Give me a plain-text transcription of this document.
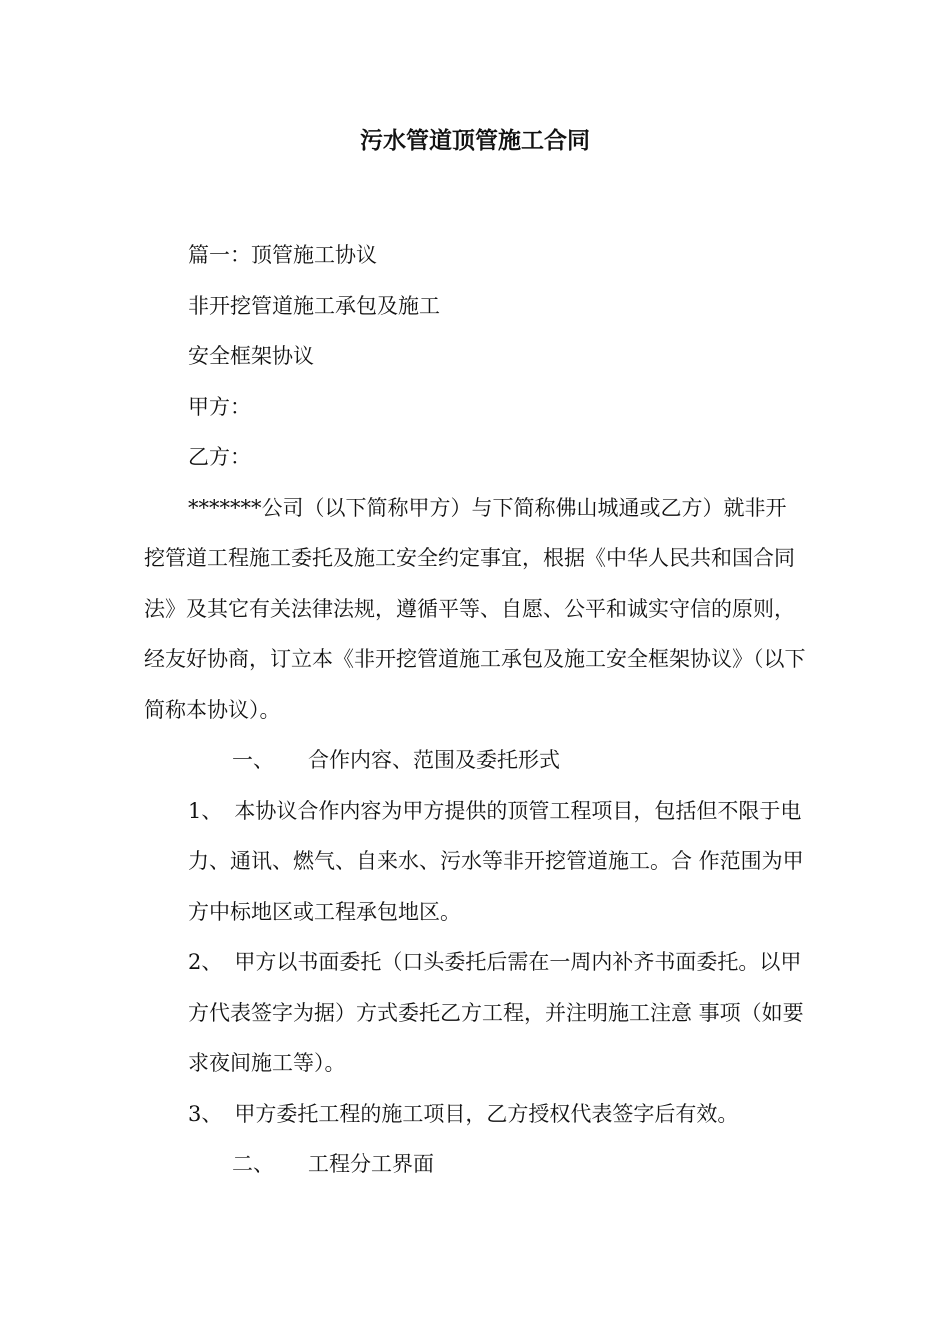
污水管道顶管施工合同

篇一：顶管施工协议

非开挖管道施工承包及施工

安全框架协议

甲方：

乙方：

*******公司（以下简称甲方）与下简称佛山城通或乙方）就非开挖管道工程施工委托及施工安全约定事宜，根据《中华人民共和国合同法》及其它有关法律法规，遵循平等、自愿、公平和诚实守信的原则，经友好协商，订立本《非开挖管道施工承包及施工安全框架协议》（以下简称本协议）。

一、 合作内容、范围及委托形式

1、 本协议合作内容为甲方提供的顶管工程项目，包括但不限于电力、通讯、燃气、自来水、污水等非开挖管道施工。合 作范围为甲方中标地区或工程承包地区。

2、 甲方以书面委托（口头委托后需在一周内补齐书面委托。以甲方代表签字为据）方式委托乙方工程，并注明施工注意 事项（如要求夜间施工等）。

3、 甲方委托工程的施工项目，乙方授权代表签字后有效。

二、 工程分工界面
